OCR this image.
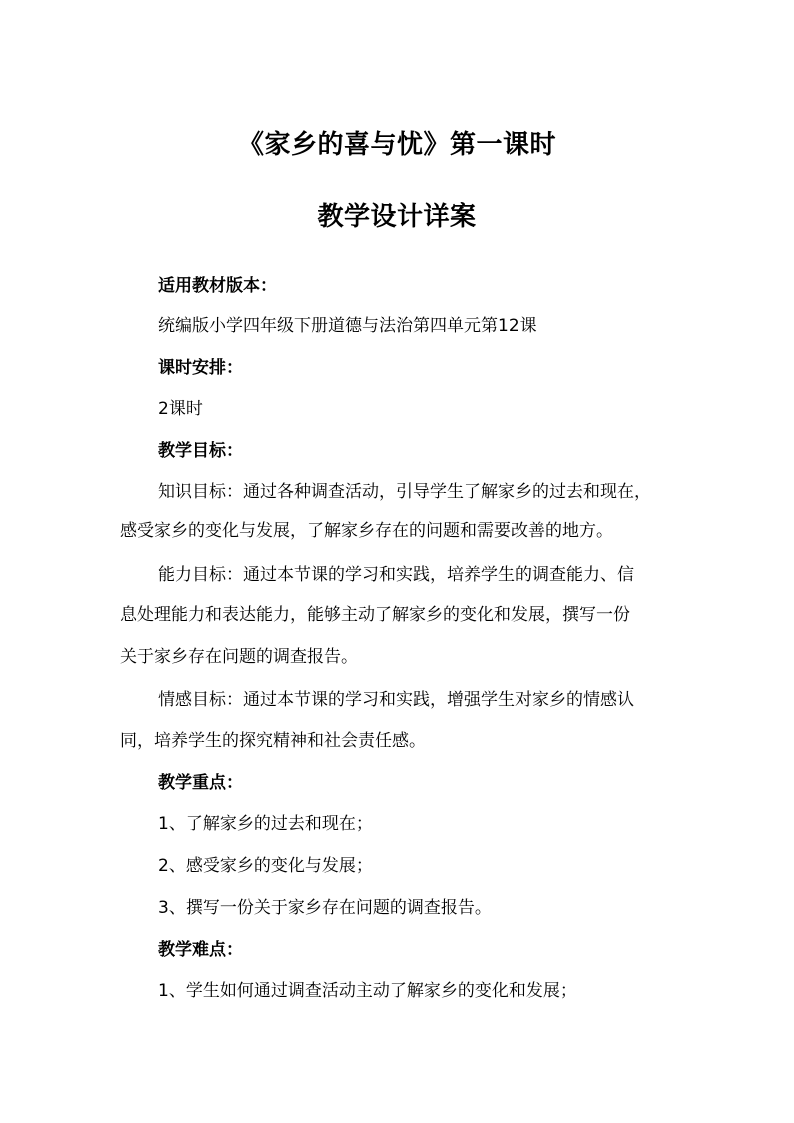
《家乡的喜与忧》第一课时
教学设计详案
适用教材版本：
统编版小学四年级下册道德与法治第四单元第12课
课时安排：
2课时
教学目标：
知识目标：通过各种调查活动，引导学生了解家乡的过去和现在，
感受家乡的变化与发展，了解家乡存在的问题和需要改善的地方。
能力目标：通过本节课的学习和实践，培养学生的调查能力、信
息处理能力和表达能力，能够主动了解家乡的变化和发展，撰写一份
关于家乡存在问题的调查报告。
情感目标：通过本节课的学习和实践，增强学生对家乡的情感认
同，培养学生的探究精神和社会责任感。
教学重点：
1、了解家乡的过去和现在；
2、感受家乡的变化与发展；
3、撰写一份关于家乡存在问题的调查报告。
教学难点：
1、学生如何通过调查活动主动了解家乡的变化和发展；
